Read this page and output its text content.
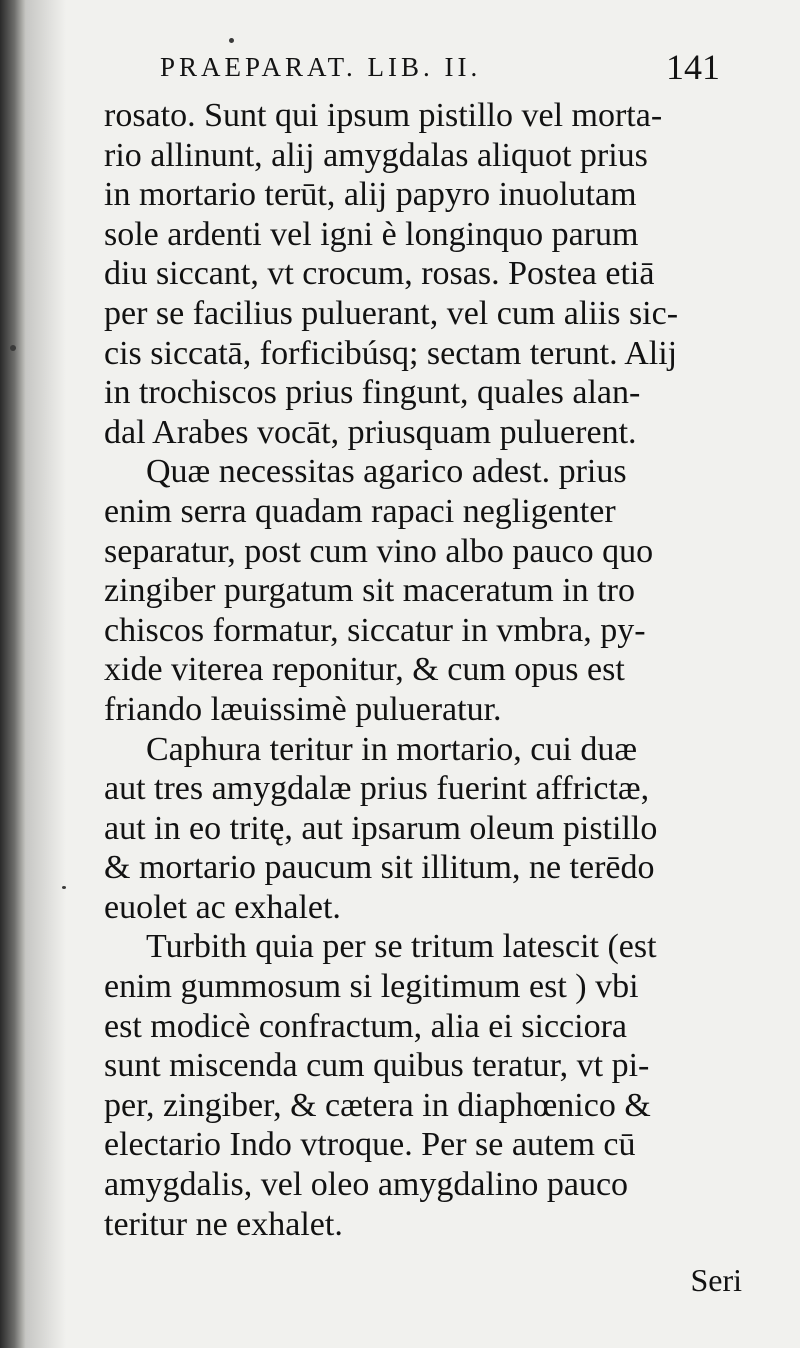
PRAEPARAT. LIB. II.	141
rosato. Sunt qui ipsum pistillo vel morta-
rio allinunt, alij amygdalas aliquot prius
in mortario terūt, alij papyro inuolutam
sole ardenti vel igni è longinquo parum
diu siccant, vt crocum, rosas. Postea etiā
per se facilius puluerant, vel cum aliis sic-
cis siccatā, forficibúsq; sectam terunt. Alij
in trochiscos prius fingunt, quales alan-
dal Arabes vocāt, priusquam puluerent.
Quæ necessitas agarico adest. prius
enim serra quadam rapaci negligenter
separatur, post cum vino albo pauco quo
zingiber purgatum sit maceratum in tro
chiscos formatur, siccatur in vmbra, py-
xide viterea reponitur, & cum opus est
friando læuissimè pulueratur.
Caphura teritur in mortario, cui duæ
aut tres amygdalæ prius fuerint affrictæ,
aut in eo tritę, aut ipsarum oleum pistillo
& mortario paucum sit illitum, ne terēdo
euolet ac exhalet.
Turbith quia per se tritum latescit (est
enim gummosum si legitimum est ) vbi
est modicè confractum, alia ei sicciora
sunt miscenda cum quibus teratur, vt pi-
per, zingiber, & cætera in diaphœnico &
electario Indo vtroque. Per se autem cū
amygdalis, vel oleo amygdalino pauco
teritur ne exhalet.
Seri
